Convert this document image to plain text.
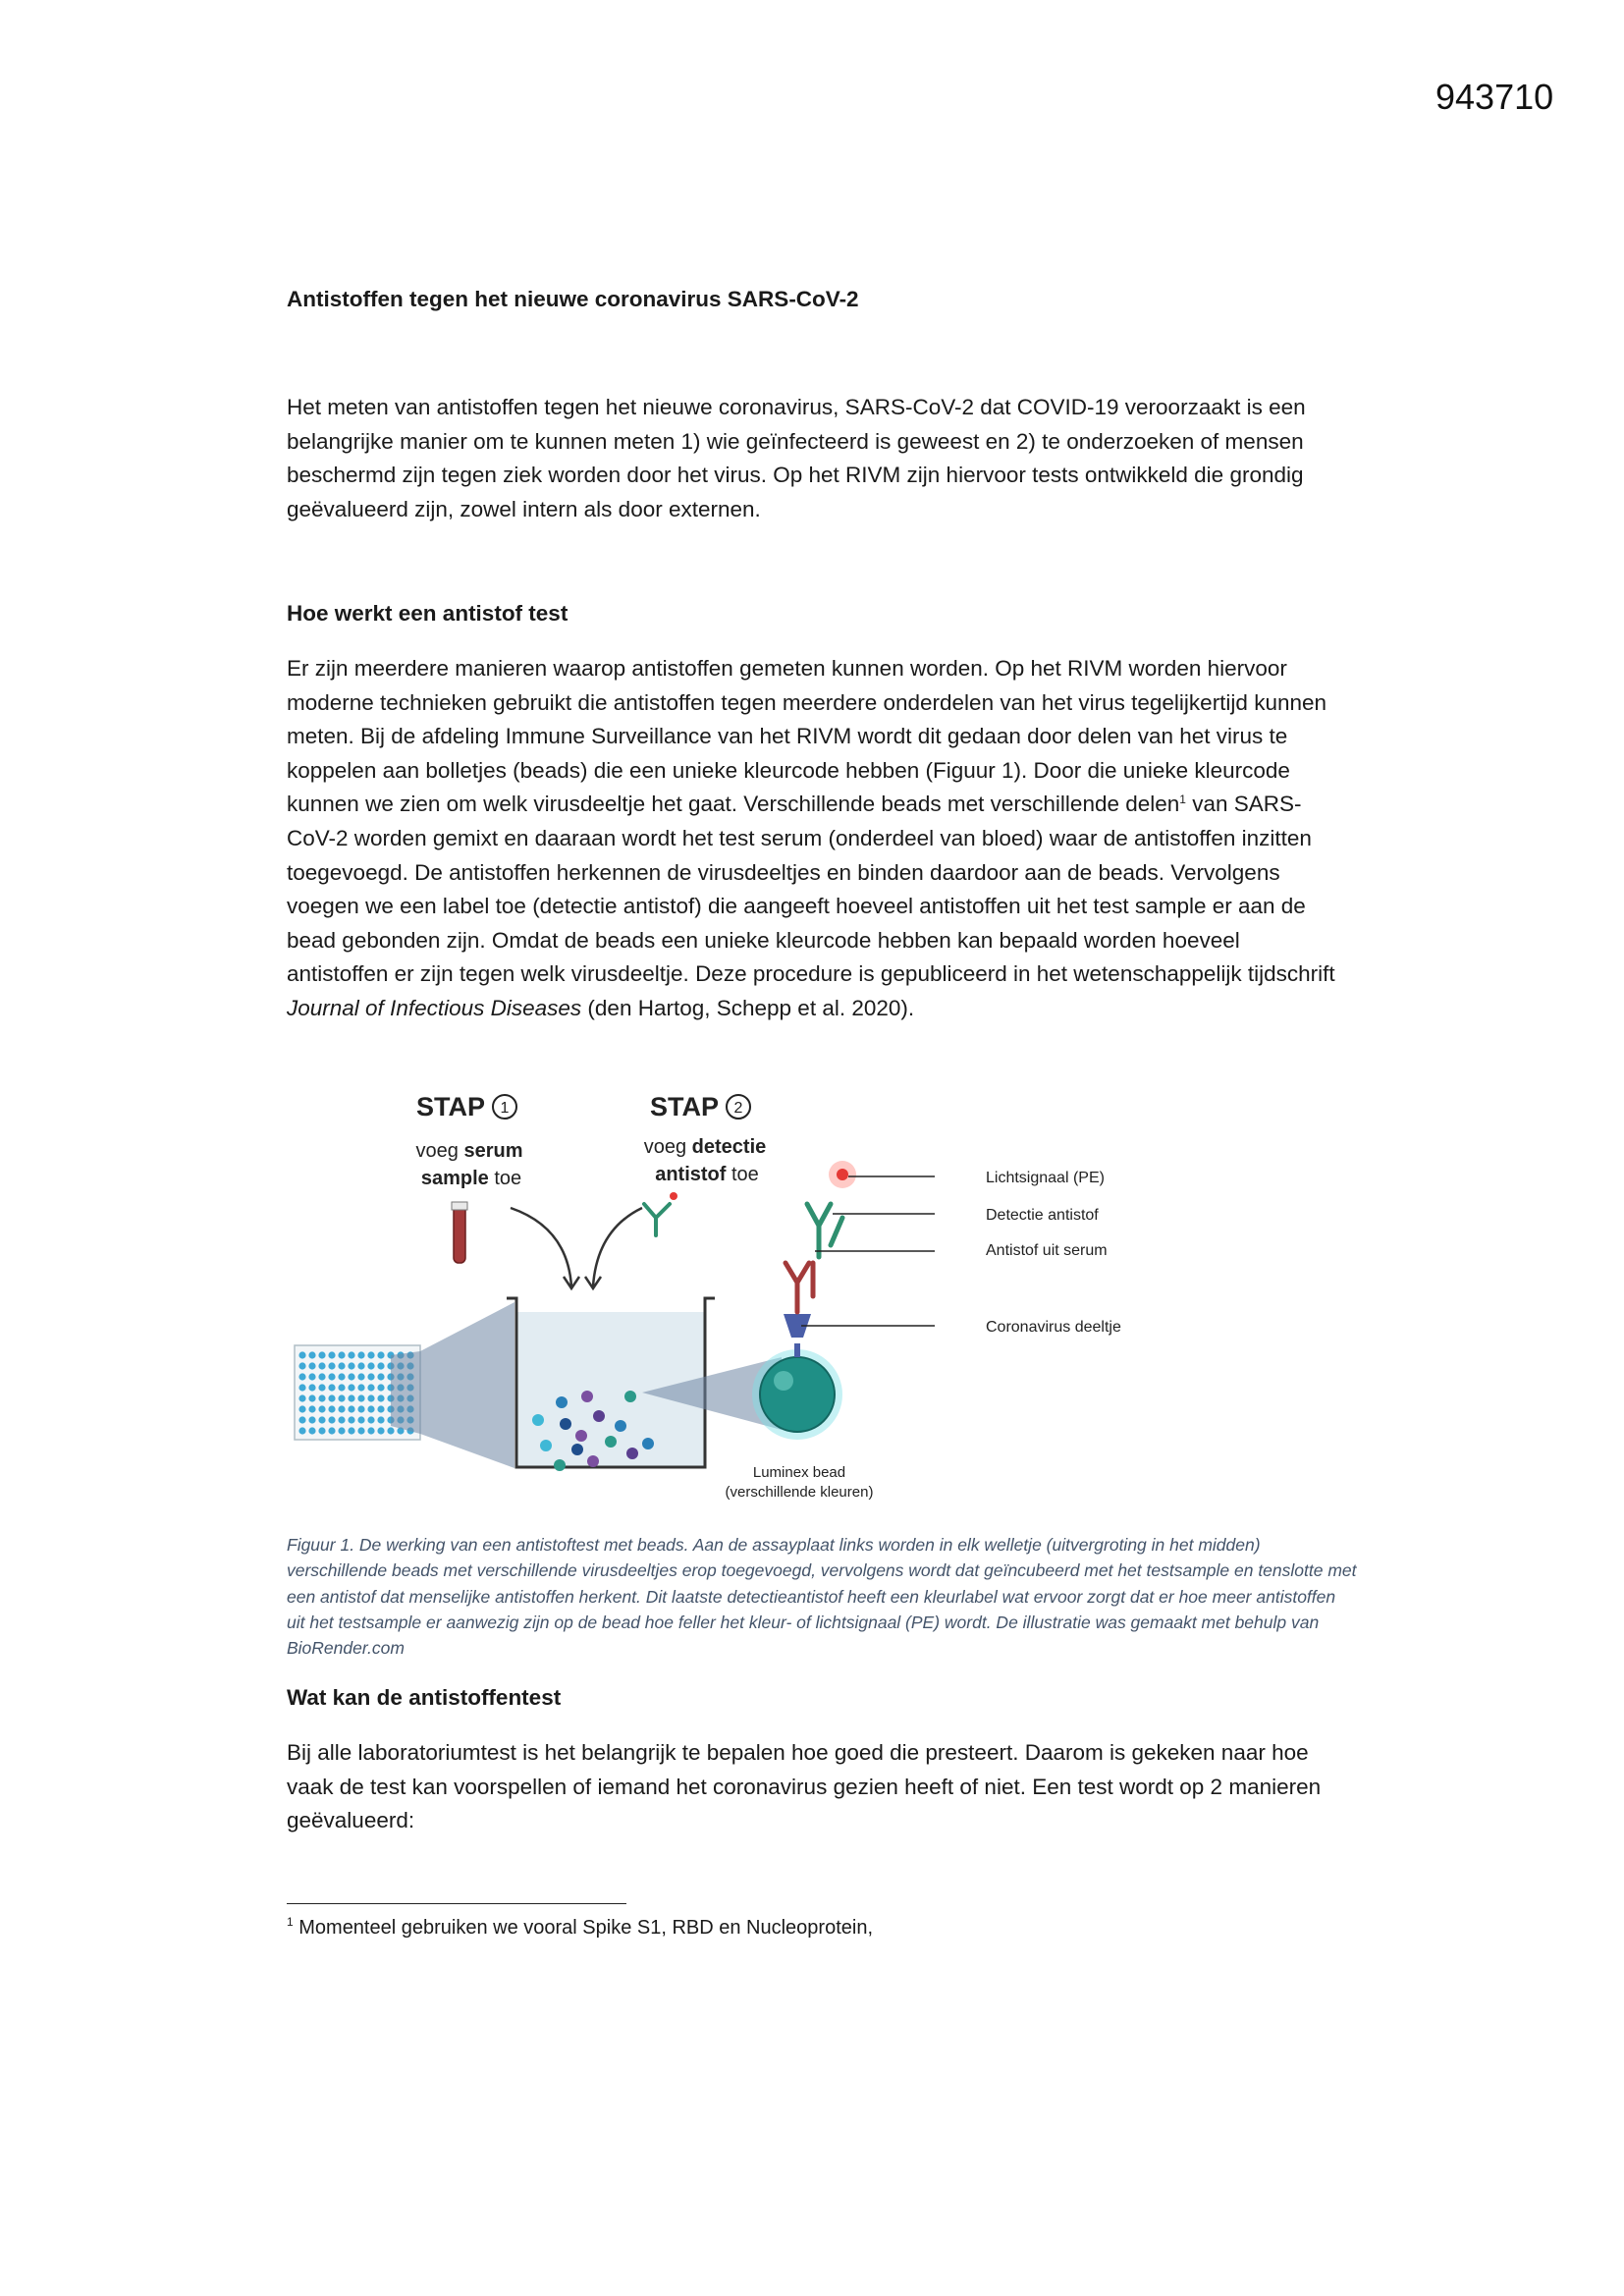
943710
Antistoffen tegen het nieuwe coronavirus SARS-CoV-2

Het meten van antistoffen tegen het nieuwe coronavirus, SARS-CoV-2 dat COVID-19 veroorzaakt is een belangrijke manier om te kunnen meten 1) wie geïnfecteerd is geweest en 2) te onderzoeken of mensen beschermd zijn tegen ziek worden door het virus. Op het RIVM zijn hiervoor tests ontwikkeld die grondig geëvalueerd zijn, zowel intern als door externen.

Hoe werkt een antistof test

Er zijn meerdere manieren waarop antistoffen gemeten kunnen worden. Op het RIVM worden hiervoor moderne technieken gebruikt die antistoffen tegen meerdere onderdelen van het virus tegelijkertijd kunnen meten. Bij de afdeling Immune Surveillance van het RIVM wordt dit gedaan door delen van het virus te koppelen aan bolletjes (beads) die een unieke kleurcode hebben (Figuur 1). Door die unieke kleurcode kunnen we zien om welk virusdeeltje het gaat. Verschillende beads met verschillende delen$^1$ van SARS-CoV-2 worden gemixt en daaraan wordt het test serum (onderdeel van bloed) waar de antistoffen inzitten toegevoegd. De antistoffen herkennen de virusdeeltjes en binden daardoor aan de beads. Vervolgens voegen we een label toe (detectie antistof) die aangeeft hoeveel antistoffen uit het test sample er aan de bead gebonden zijn. Omdat de beads een unieke kleurcode hebben kan bepaald worden hoeveel antistoffen er zijn tegen welk virusdeeltje. Deze procedure is gepubliceerd in het wetenschappelijk tijdschrift Journal of Infectious Diseases (den Hartog, Schepp et al. 2020).

STAP 1
voeg serum
sample toe
STAP 2
voeg detectie
antistof toe
Luminex bead
(verschillende kleuren)
Lichtsignaal (PE)
Detectie antistof
Antistof uit serum
Coronavirus deeltje
Figuur 1. De werking van een antistoftest met beads. Aan de assayplaat links worden in elk welletje (uitvergroting in het midden) verschillende beads met verschillende virusdeeltjes erop toegevoegd, vervolgens wordt dat geïncubeerd met het testsample en tenslotte met een antistof dat menselijke antistoffen herkent. Dit laatste detectieantistof heeft een kleurlabel wat ervoor zorgt dat er hoe meer antistoffen uit het testsample er aanwezig zijn op de bead hoe feller het kleur- of lichtsignaal (PE) wordt. De illustratie was gemaakt met behulp van BioRender.com
Wat kan de antistoffentest

Bij alle laboratoriumtest is het belangrijk te bepalen hoe goed die presteert. Daarom is gekeken naar hoe vaak de test kan voorspellen of iemand het coronavirus gezien heeft of niet. Een test wordt op 2 manieren geëvalueerd:

$^1$ Momenteel gebruiken we vooral Spike S1, RBD en Nucleoprotein,
